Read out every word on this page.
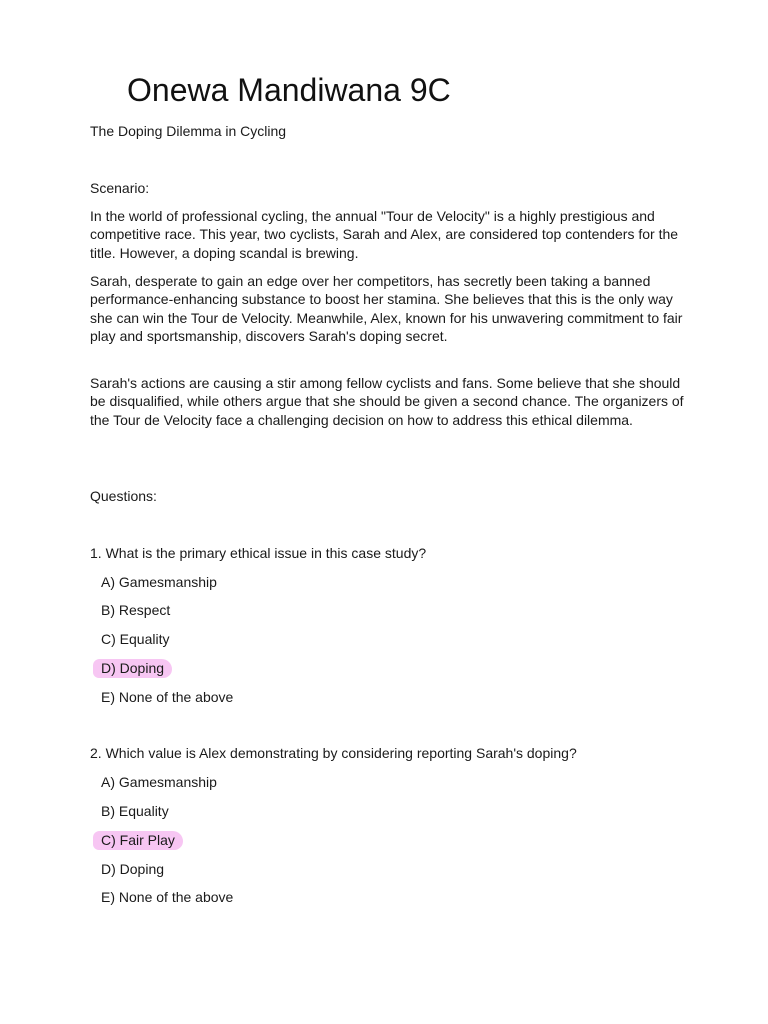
Onewa Mandiwana 9C
The Doping Dilemma in Cycling
Scenario:

In the world of professional cycling, the annual "Tour de Velocity" is a highly prestigious and competitive race. This year, two cyclists, Sarah and Alex, are considered top contenders for the title. However, a doping scandal is brewing.

Sarah, desperate to gain an edge over her competitors, has secretly been taking a banned performance-enhancing substance to boost her stamina. She believes that this is the only way she can win the Tour de Velocity. Meanwhile, Alex, known for his unwavering commitment to fair play and sportsmanship, discovers Sarah's doping secret.

Sarah's actions are causing a stir among fellow cyclists and fans. Some believe that she should be disqualified, while others argue that she should be given a second chance. The organizers of the Tour de Velocity face a challenging decision on how to address this ethical dilemma.

Questions:
1. What is the primary ethical issue in this case study?
A) Gamesmanship
B) Respect
C) Equality
D) Doping
E) None of the above
2. Which value is Alex demonstrating by considering reporting Sarah's doping?
A) Gamesmanship
B) Equality
C) Fair Play
D) Doping
E) None of the above
